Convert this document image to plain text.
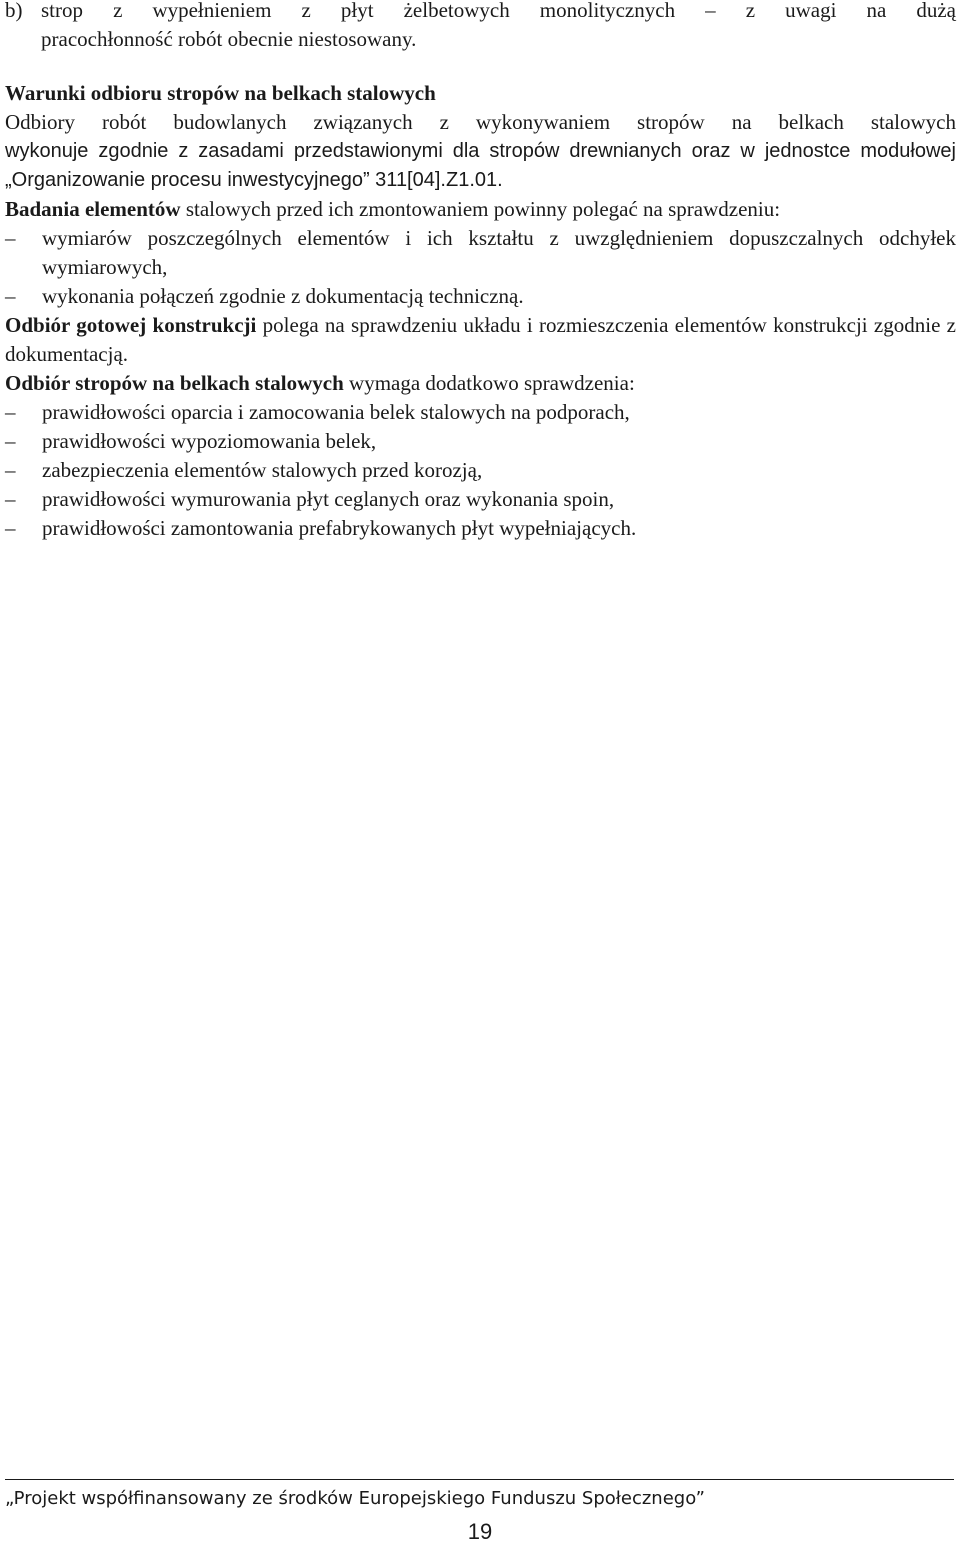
b) strop z wypełnieniem z płyt żelbetowych monolitycznych – z uwagi na dużą

pracochłonność robót obecnie niestosowany.

Warunki odbioru stropów na belkach stalowych

Odbiory robót budowlanych związanych z wykonywaniem stropów na belkach stalowych

wykonuje zgodnie z zasadami przedstawionymi dla stropów drewnianych oraz w jednostce modułowej „Organizowanie procesu inwestycyjnego” 311[04].Z1.01.

Badania elementów stalowych przed ich zmontowaniem powinny polegać na sprawdzeniu:

–	wymiarów poszczególnych elementów i ich kształtu z uwzględnieniem dopuszczalnych odchyłek wymiarowych,

–	wykonania połączeń zgodnie z dokumentacją techniczną.

Odbiór gotowej konstrukcji polega na sprawdzeniu układu i rozmieszczenia elementów konstrukcji zgodnie z dokumentacją.

Odbiór stropów na belkach stalowych wymaga dodatkowo sprawdzenia:

–	prawidłowości oparcia i zamocowania belek stalowych na podporach,

–	prawidłowości wypoziomowania belek,

–	zabezpieczenia elementów stalowych przed korozją,

–	prawidłowości wymurowania płyt ceglanych oraz wykonania spoin,

–	prawidłowości zamontowania prefabrykowanych płyt wypełniających.

„Projekt współfinansowany ze środków Europejskiego Funduszu Społecznego”
19
